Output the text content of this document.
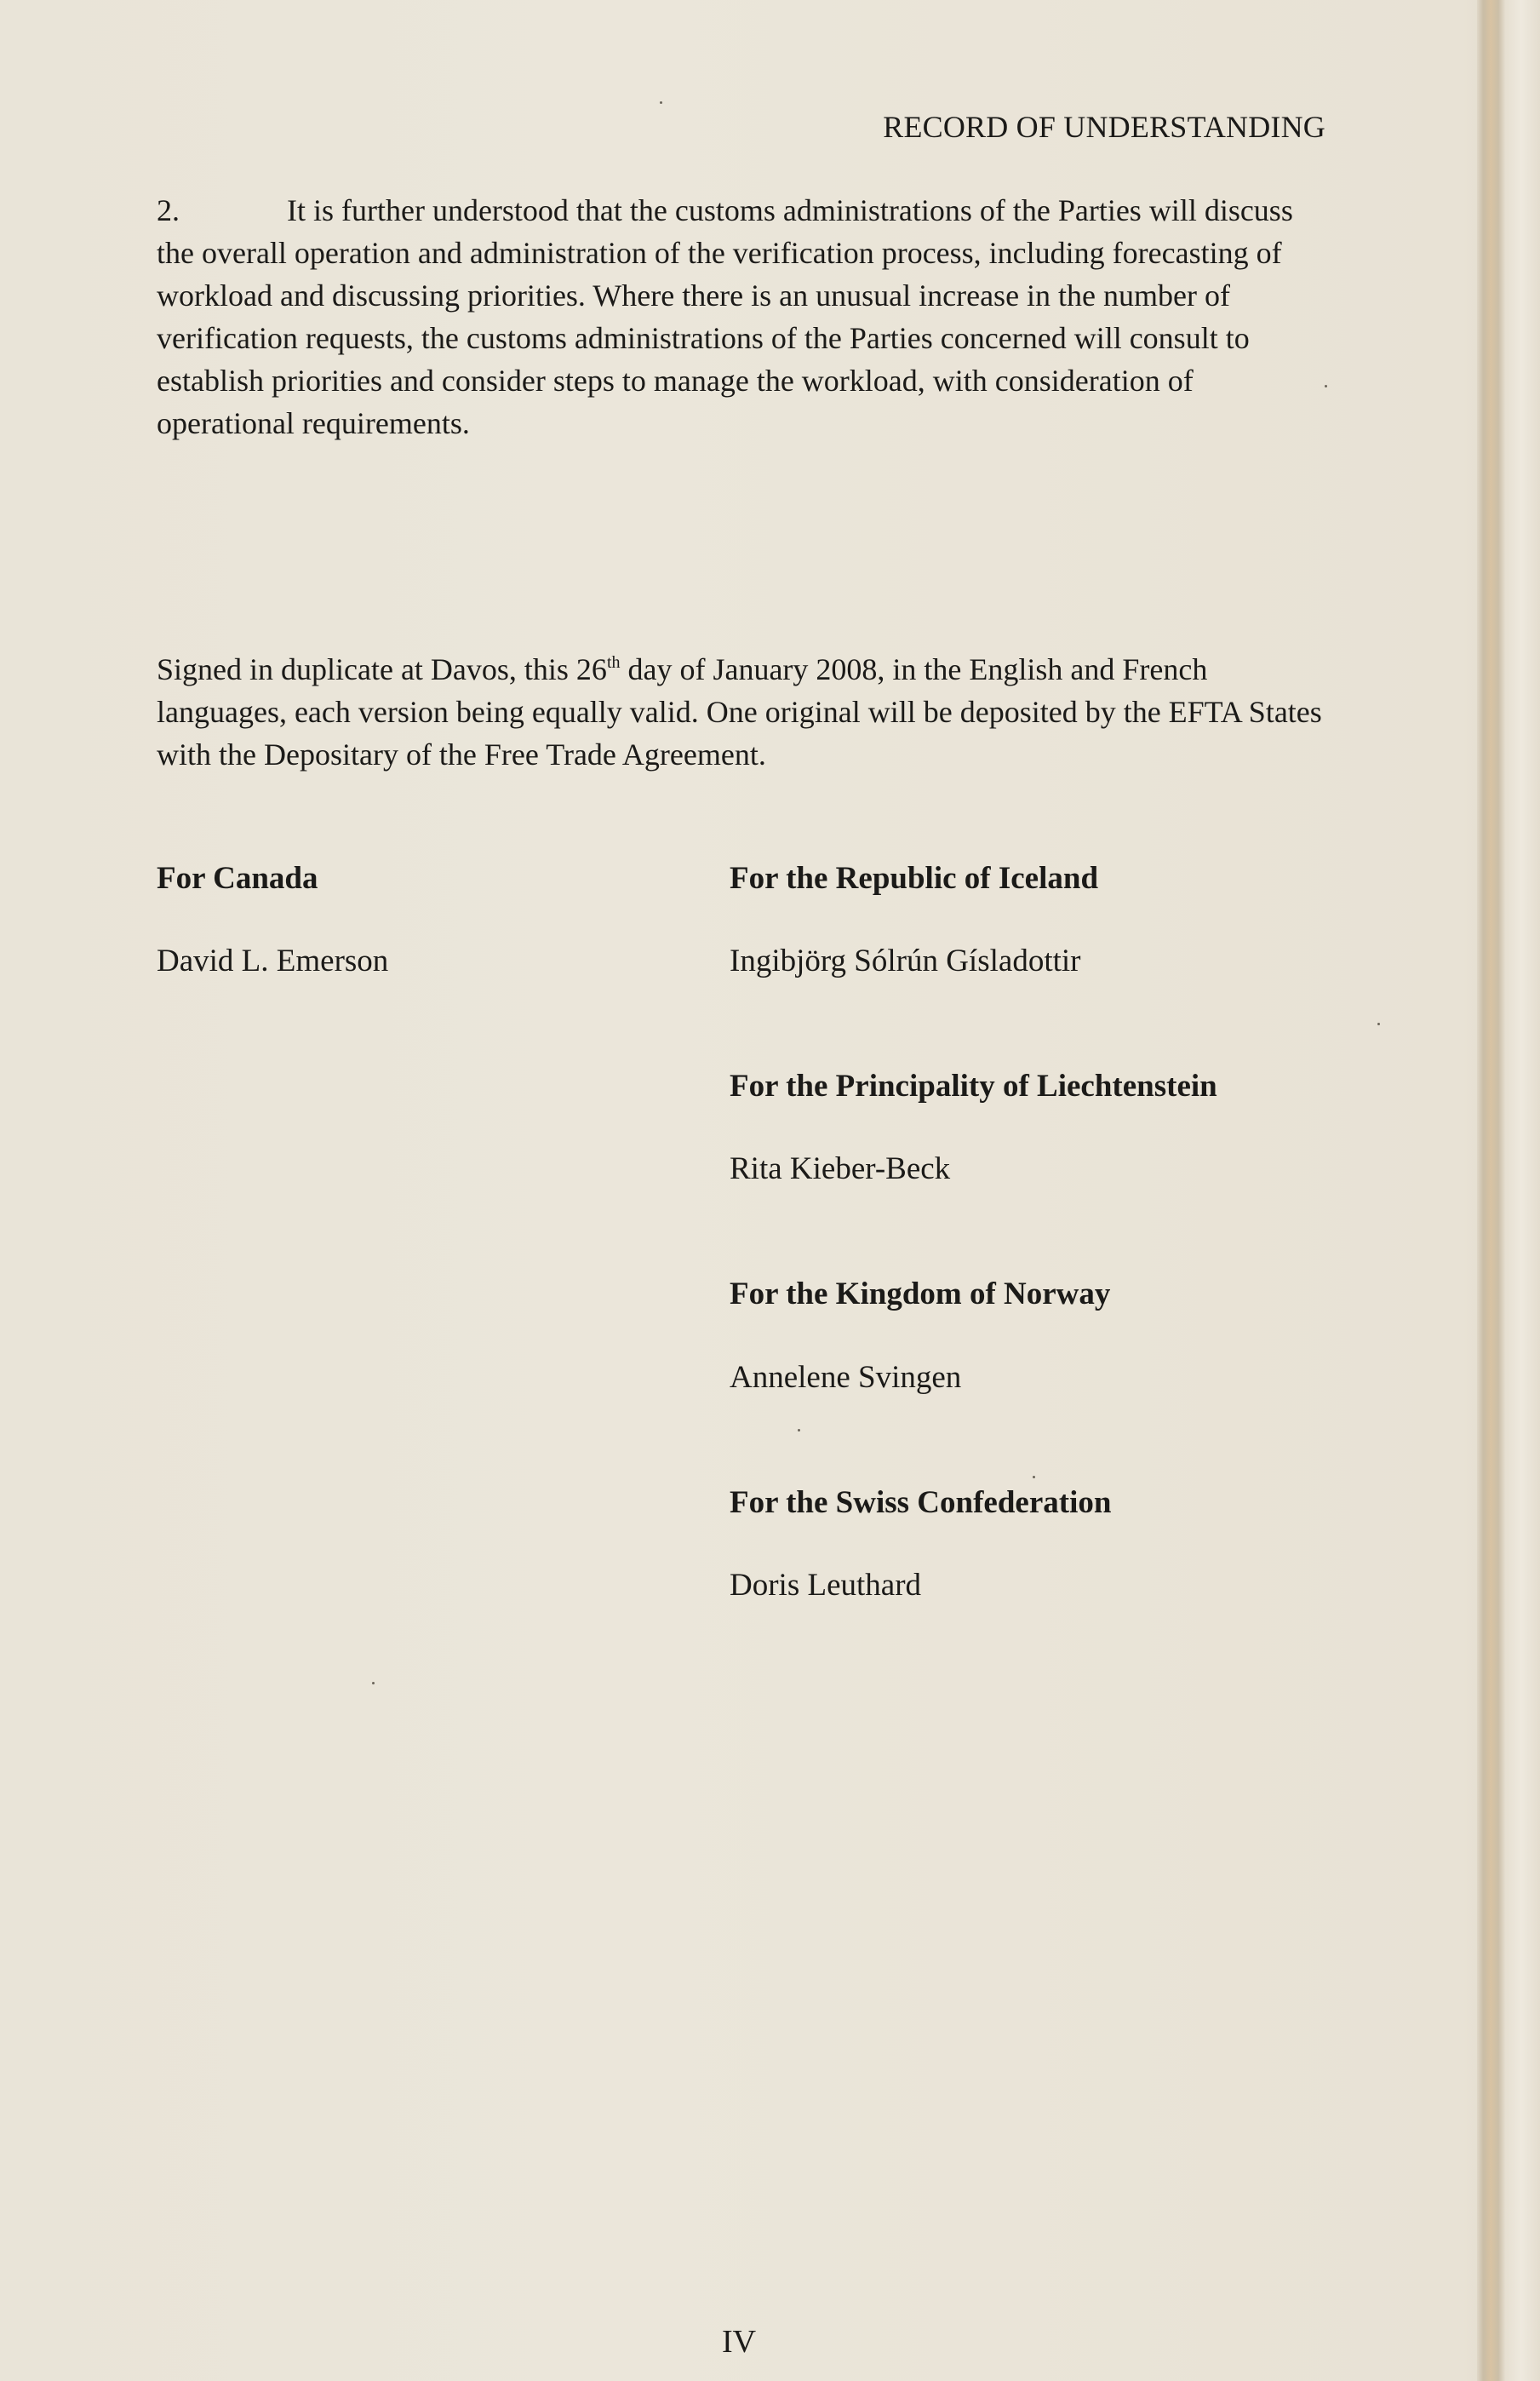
RECORD OF UNDERSTANDING

2.	It is further understood that the customs administrations of the Parties will discuss the overall operation and administration of the verification process, including forecasting of workload and discussing priorities. Where there is an unusual increase in the number of verification requests, the customs administrations of the Parties concerned will consult to establish priorities and consider steps to manage the workload, with consideration of operational requirements.

Signed in duplicate at Davos, this 26th day of January 2008, in the English and French languages, each version being equally valid. One original will be deposited by the EFTA States with the Depositary of the Free Trade Agreement.

For Canada
David L. Emerson
For the Republic of Iceland
Ingibjörg Sólrún Gísladottir
For the Principality of Liechtenstein
Rita Kieber-Beck
For the Kingdom of Norway
Annelene Svingen
For the Swiss Confederation
Doris Leuthard
IV
